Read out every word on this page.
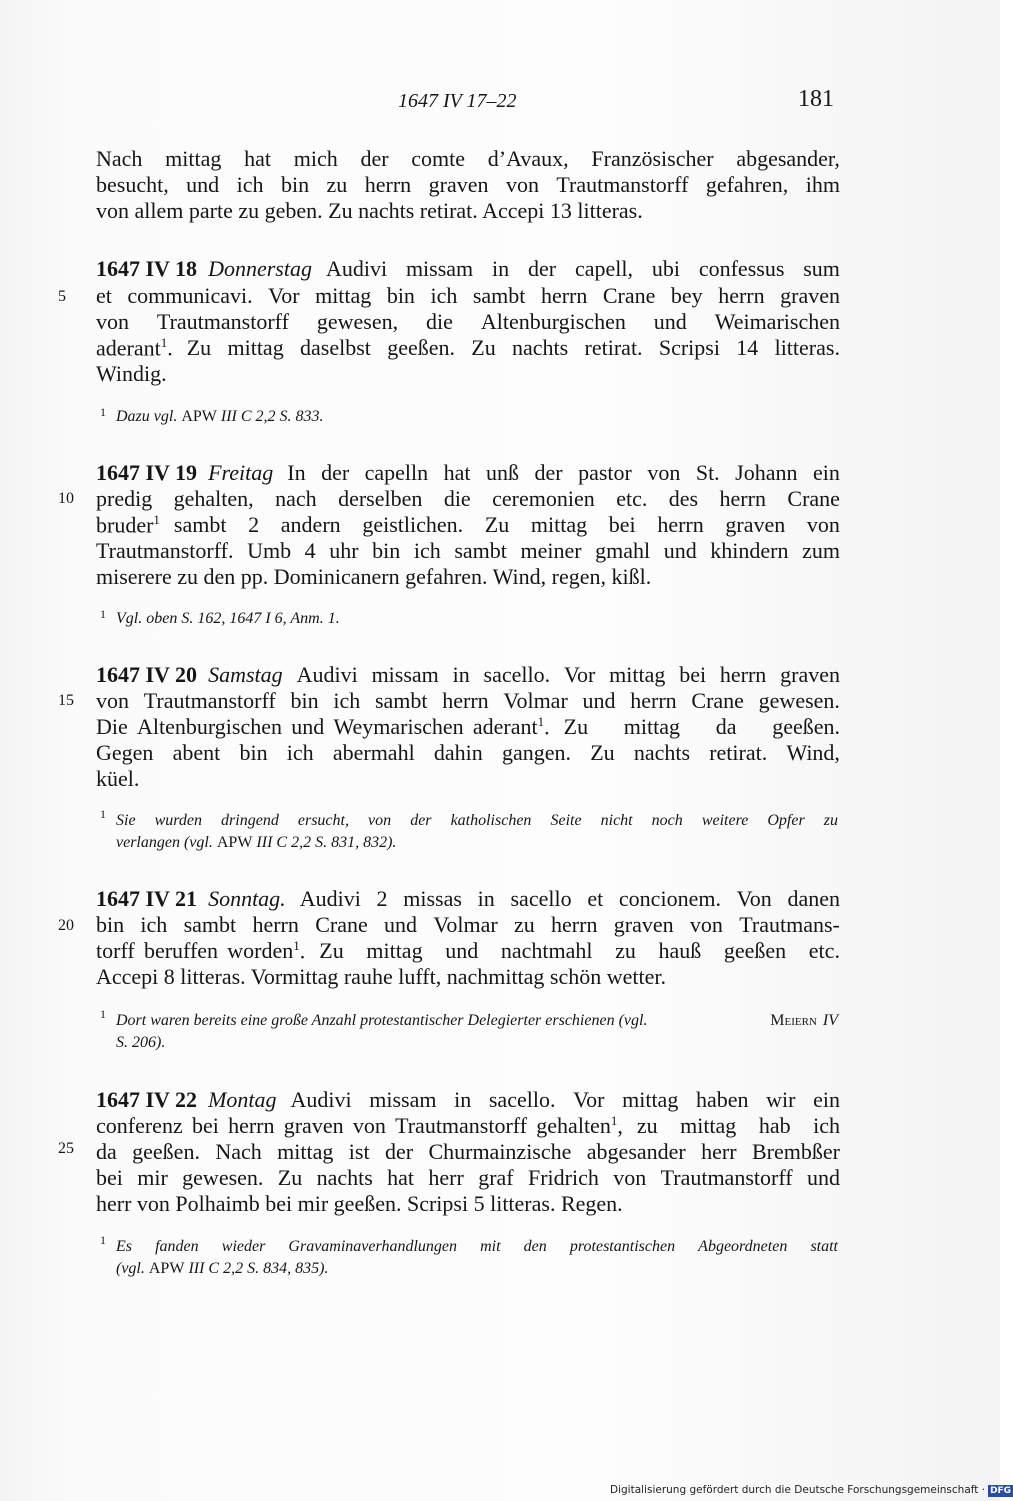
1647 IV 17–22	181
5
10
15
20
25
Nach mittag hat mich der comte d’Avaux, Französischer abgesander,
besucht, und ich bin zu herrn graven von Trautmanstorff gefahren, ihm
von allem parte zu geben. Zu nachts retirat. Accepi 13 litteras.
1647 IV 18 Donnerstag Audivi missam in der capell, ubi confessus sum
et communicavi. Vor mittag bin ich sambt herrn Crane bey herrn graven
von Trautmanstorff gewesen, die Altenburgischen und Weimarischen
aderant$^1$. Zu mittag daselbst geeßen. Zu nachts retirat. Scripsi 14 litteras.
Windig.
$^1$ Dazu vgl. APW III C 2,2 S. 833.
1647 IV 19 Freitag In der capelln hat unß der pastor von St. Johann ein
predig gehalten, nach derselben die ceremonien etc. des herrn Crane
bruder$^1$ sambt 2 andern geistlichen. Zu mittag bei herrn graven von
Trautmanstorff. Umb 4 uhr bin ich sambt meiner gmahl und khindern zum
miserere zu den pp. Dominicanern gefahren. Wind, regen, kißl.
$^1$ Vgl. oben S. 162, 1647 I 6, Anm. 1.
1647 IV 20 Samstag Audivi missam in sacello. Vor mittag bei herrn graven
von Trautmanstorff bin ich sambt herrn Volmar und herrn Crane gewesen.
Die Altenburgischen und Weymarischen aderant$^1$. Zu mittag da geeßen.
Gegen abent bin ich abermahl dahin gangen. Zu nachts retirat. Wind,
küel.
1 Sie wurden dringend ersucht, von der katholischen Seite nicht noch weitere Opfer zu
verlangen (vgl. APW III C 2,2 S. 831, 832).
1647 IV 21 Sonntag. Audivi 2 missas in sacello et concionem. Von danen
bin ich sambt herrn Crane und Volmar zu herrn graven von Trautmans-
torff beruffen worden$^1$. Zu mittag und nachtmahl zu hauß geeßen etc.
Accepi 8 litteras. Vormittag rauhe lufft, nachmittag schön wetter.
1 Dort waren bereits eine große Anzahl protestantischer Delegierter erschienen (vgl.	Meiern IV
S. 206).
1647 IV 22 Montag Audivi missam in sacello. Vor mittag haben wir ein
conferenz bei herrn graven von Trautmanstorff gehalten$^1$, zu mittag hab ich
da geeßen. Nach mittag ist der Churmainzische abgesander herr Brembßer
bei mir gewesen. Zu nachts hat herr graf Fridrich von Trautmanstorff und
herr von Polhaimb bei mir geeßen. Scripsi 5 litteras. Regen.
1 Es fanden wieder Gravaminaverhandlungen mit den protestantischen Abgeordneten statt
(vgl. APW III C 2,2 S. 834, 835).
Digitalisierung gefördert durch die Deutsche Forschungsgemeinschaft · DFG
